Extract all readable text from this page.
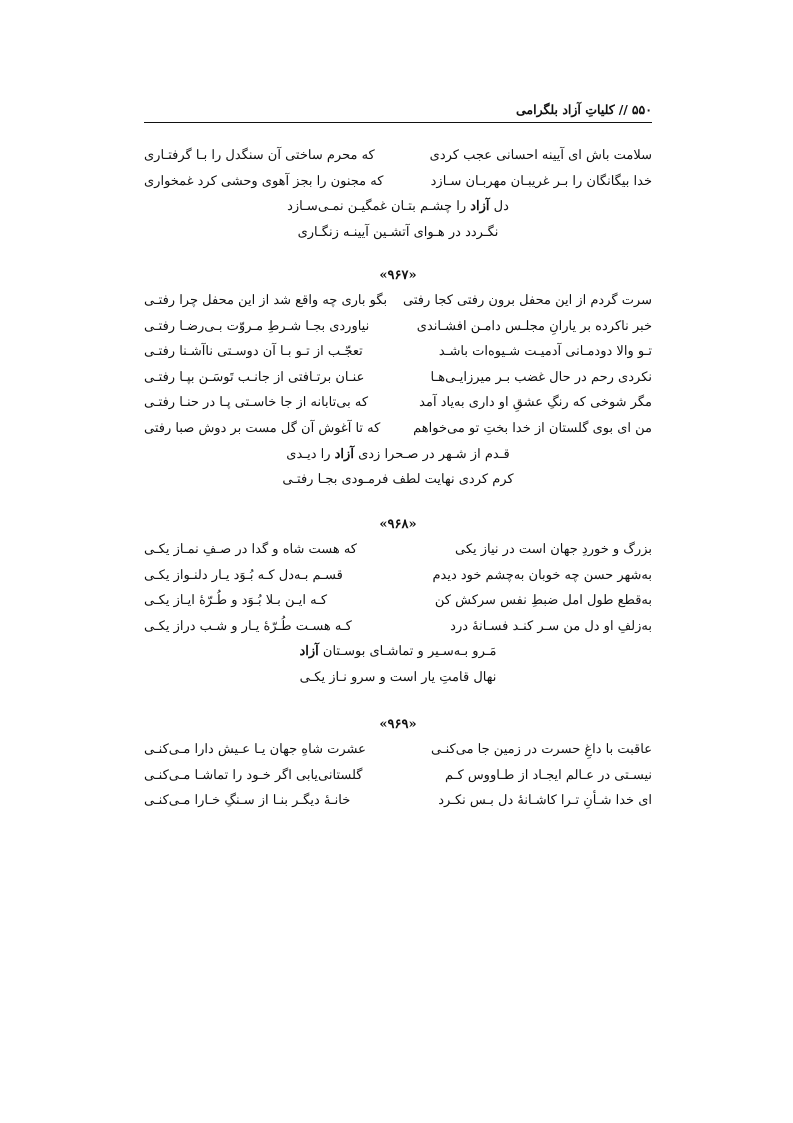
۵۵۰
//
کلیاتِ آزاد بلگرامی
سلامت باش ای آیینه احسانی عجب کردی
که محرم ساختی آن سنگدل را بـا گرفتـاری
خدا بیگانگان را بـر غریبـان مهربـان سـازد
که مجنون را بجز آهوی وحشی کرد غمخواری
دل آزاد را چشـم بتـان غمگیـن نمـی‌سـازد
نگـردد در هـوای آتشـین آیینـه زنگـاری
«۹۶۷»
سرت گردم از این محفل برون رفتی کجا رفتی
بگو باری چه واقع شد از این محفل چرا رفتـی
خبر ناکرده بر یارانِ مجلـس دامـن افشـاندی
نیاوردی بجـا شـرطِ مـروّت بـی‌رضـا رفتـی
تـو والا دودمـانی آدمیـت شـیوه‌ات باشـد
تعجّـب از تـو بـا آن دوسـتی ناآشـنا رفتـی
نکردی رحم در حال غضب بـر میرزایـی‌هـا
عنـان برتـافتی از جانـب تَوسَـن بپـا رفتـی
مگر شوخی که رنگِ عشقِ او داری به‌یاد آمد
که بی‌تابانه از جا خاسـتی پـا در حنـا رفتـی
من ای بوی گلستان از خدا بختِ تو می‌خواهم
که تا آغوش آن گل مست بر دوش صبا رفتی
قـدم از شـهر در صـحرا زدی آزاد را دیـدی
کرم کردی نهایت لطف فرمـودی بجـا رفتـی
«۹۶۸»
بزرگ و خوردِ جهان است در نیاز یکی
که هست شاه و گدا در صـفِ نمـاز یکـی
به‌شهر حسن چه خوبان به‌چشم خود دیدم
قسـم بـه‌دل کـه بُـوَد یـار دلنـواز یکـی
به‌قطع طول امل ضبطِ نفس سرکش کن
کـه ایـن بـلا بُـوَد و طُـرّهٔ ایـاز یکـی
به‌زلفِ او دل من سـر کنـد فسـانهٔ درد
کـه هسـت طُـرّهٔ یـار و شـب دراز یکـی
مَـرو بـه‌سـیر و تماشـای بوسـتان آزاد
نهال قامتِ یار است و سرو نـاز یکـی
«۹۶۹»
عاقبت با داغِ حسرت در زمین جا می‌کنـی
عشرت شاهِ جهان یـا عـیش دارا مـی‌کنـی
نیسـتی در عـالم ایجـاد از طـاووس کـم
گلستانی‌یابی اگر خـود را تماشـا مـی‌کنـی
ای خدا شـأنِ تـرا کاشـانهٔ دل بـس نکـرد
خانـهٔ دیگـر بنـا از سـنگِ خـارا مـی‌کنـی
